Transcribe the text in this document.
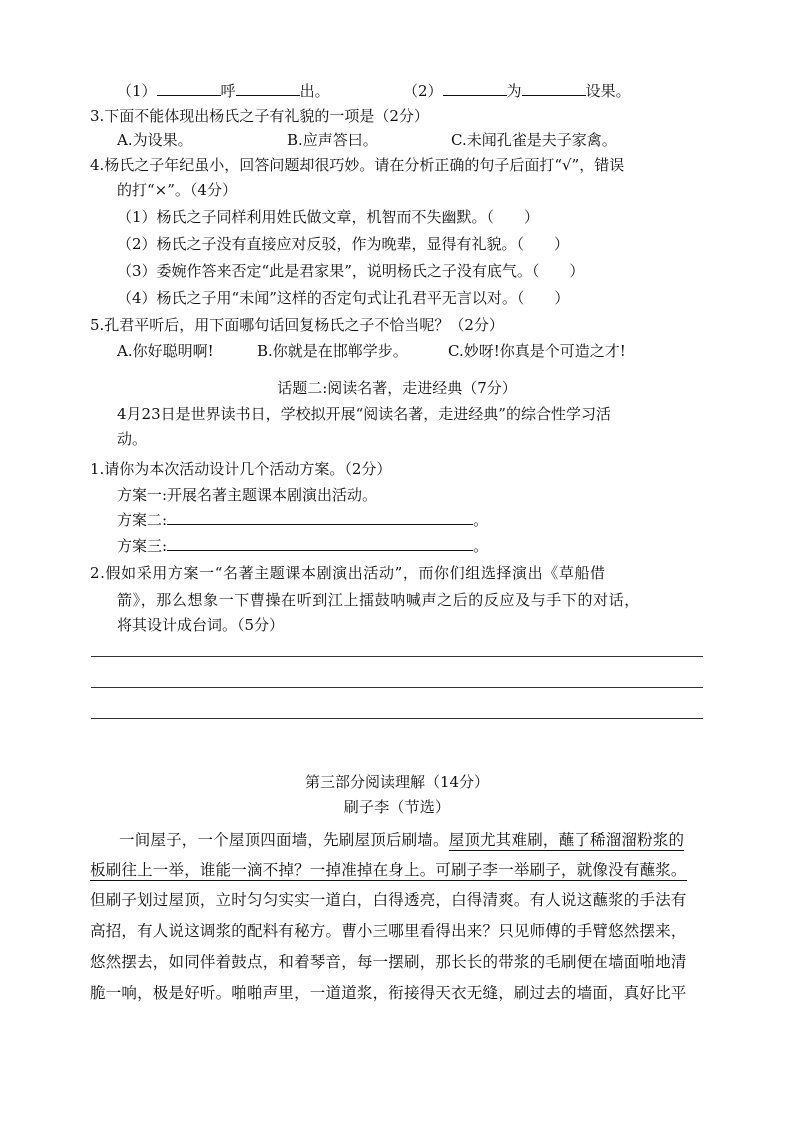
（1）	呼	出。	（2）	为	设果。
3.下面不能体现出杨氏之子有礼貌的一项是（2分）
A.为设果。	B.应声答曰。	C.未闻孔雀是夫子家禽。
4.杨氏之子年纪虽小，回答问题却很巧妙。请在分析正确的句子后面打“√”，错误
的打“×”。（4分）
（1）杨氏之子同样利用姓氏做文章，机智而不失幽默。（　　）
（2）杨氏之子没有直接应对反驳，作为晚辈，显得有礼貌。（　　）
（3）委婉作答来否定“此是君家果”，说明杨氏之子没有底气。（　　）
（4）杨氏之子用“未闻”这样的否定句式让孔君平无言以对。（　　）
5.孔君平听后，用下面哪句话回复杨氏之子不恰当呢？（2分）
A.你好聪明啊!	B.你就是在邯郸学步。	C.妙呀!你真是个可造之才!
话题二:阅读名著，走进经典（7分）
4月23日是世界读书日，学校拟开展“阅读名著，走进经典”的综合性学习活
动。
1.请你为本次活动设计几个活动方案。（2分）
方案一:开展名著主题课本剧演出活动。
方案二:	。
方案三:	。
2.假如采用方案一“名著主题课本剧演出活动”，而你们组选择演出《草船借
箭》，那么想象一下曹操在听到江上擂鼓呐喊声之后的反应及与手下的对话，
将其设计成台词。（5分）
第三部分阅读理解（14分）
刷子李（节选）
一间屋子，一个屋顶四面墙，先刷屋顶后刷墙。屋顶尤其难刷，蘸了稀溜溜粉浆的
板刷往上一举，谁能一滴不掉？一掉准掉在身上。可刷子李一举刷子，就像没有蘸浆。
但刷子划过屋顶，立时匀匀实实一道白，白得透亮，白得清爽。有人说这蘸浆的手法有
高招，有人说这调浆的配料有秘方。曹小三哪里看得出来？只见师傅的手臂悠然摆来，
悠然摆去，如同伴着鼓点，和着琴音，每一摆刷，那长长的带浆的毛刷便在墙面啪地清
脆一响，极是好听。啪啪声里，一道道浆，衔接得天衣无缝，刷过去的墙面，真好比平
